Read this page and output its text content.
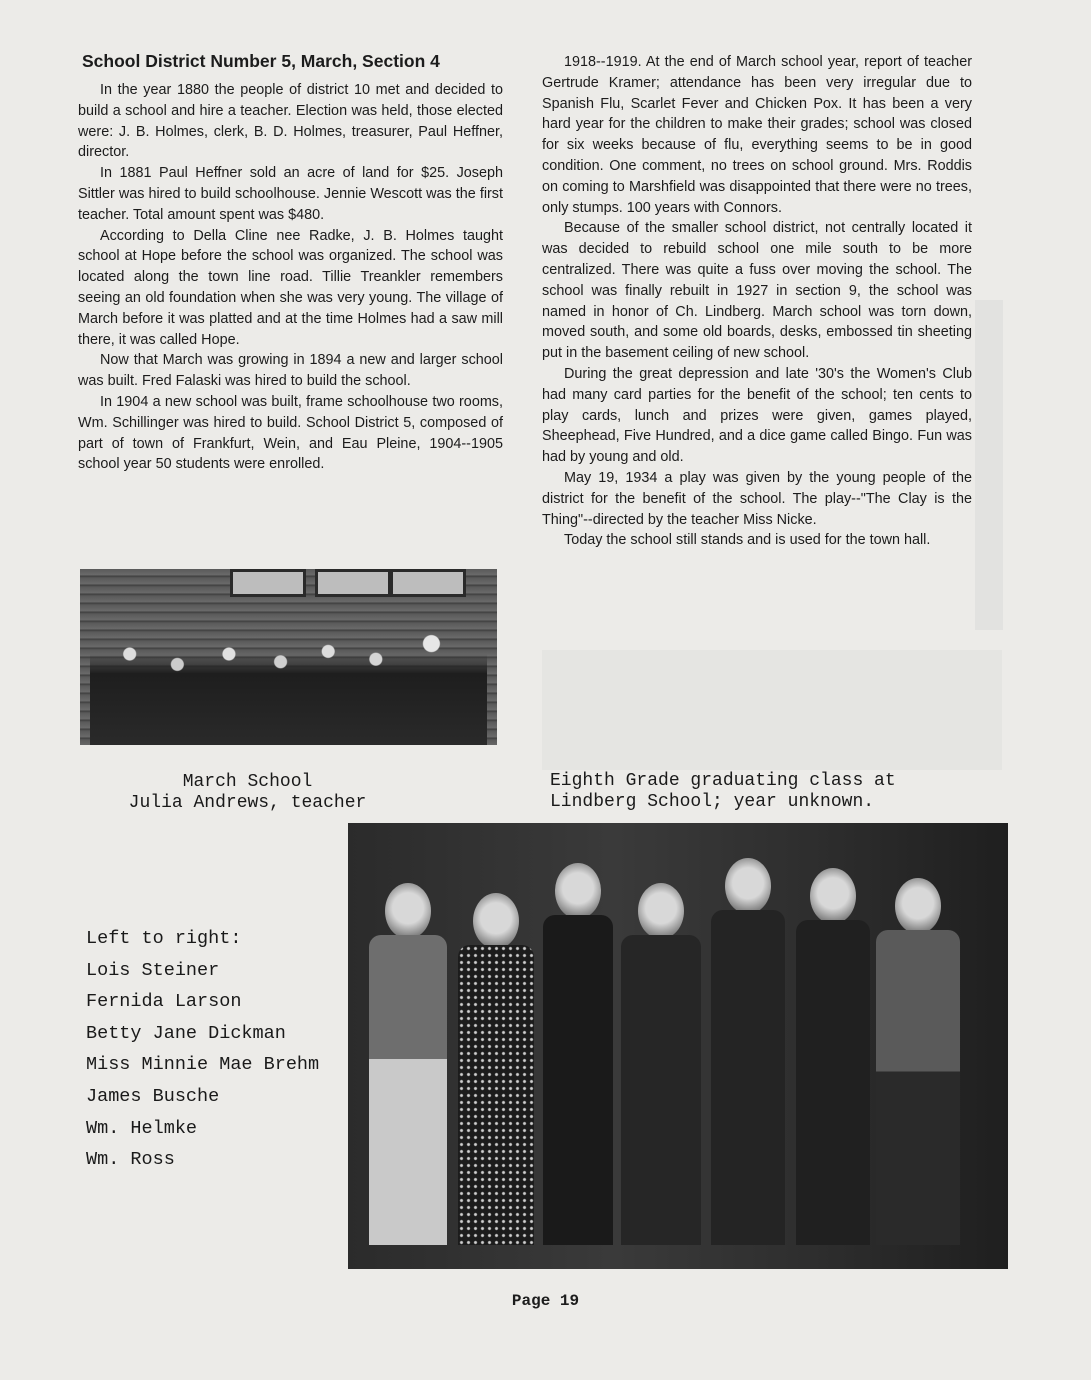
School District Number 5, March, Section 4

In the year 1880 the people of district 10 met and decided to build a school and hire a teacher. Election was held, those elected were: J. B. Holmes, clerk, B. D. Holmes, treasurer, Paul Heffner, director.

In 1881 Paul Heffner sold an acre of land for $25. Joseph Sittler was hired to build schoolhouse. Jennie Wescott was the first teacher. Total amount spent was $480.

According to Della Cline nee Radke, J. B. Holmes taught school at Hope before the school was organized. The school was located along the town line road. Tillie Treankler remembers seeing an old foundation when she was very young. The village of March before it was platted and at the time Holmes had a saw mill there, it was called Hope.

Now that March was growing in 1894 a new and larger school was built. Fred Falaski was hired to build the school.

In 1904 a new school was built, frame schoolhouse two rooms, Wm. Schillinger was hired to build. School District 5, composed of part of town of Frankfurt, Wein, and Eau Pleine, 1904--1905 school year 50 students were enrolled.

1918--1919. At the end of March school year, report of teacher Gertrude Kramer; attendance has been very irregular due to Spanish Flu, Scarlet Fever and Chicken Pox. It has been a very hard year for the children to make their grades; school was closed for six weeks because of flu, everything seems to be in good condition. One comment, no trees on school ground. Mrs. Roddis on coming to Marshfield was disappointed that there were no trees, only stumps. 100 years with Connors.

Because of the smaller school district, not centrally located it was decided to rebuild school one mile south to be more centralized. There was quite a fuss over moving the school. The school was finally rebuilt in 1927 in section 9, the school was named in honor of Ch. Lindberg. March school was torn down, moved south, and some old boards, desks, embossed tin sheeting put in the basement ceiling of new school.

During the great depression and late '30's the Women's Club had many card parties for the benefit of the school; ten cents to play cards, lunch and prizes were given, games played, Sheephead, Five Hundred, and a dice game called Bingo. Fun was had by young and old.

May 19, 1934 a play was given by the young people of the district for the benefit of the school. The play--"The Clay is the Thing"--directed by the teacher Miss Nicke.

Today the school still stands and is used for the town hall.

March School
Julia Andrews, teacher
Eighth Grade graduating class at
Lindberg School; year unknown.
Left to right:
Lois Steiner
Fernida Larson
Betty Jane Dickman
Miss Minnie Mae Brehm
James Busche
Wm. Helmke
Wm. Ross
Page 19
